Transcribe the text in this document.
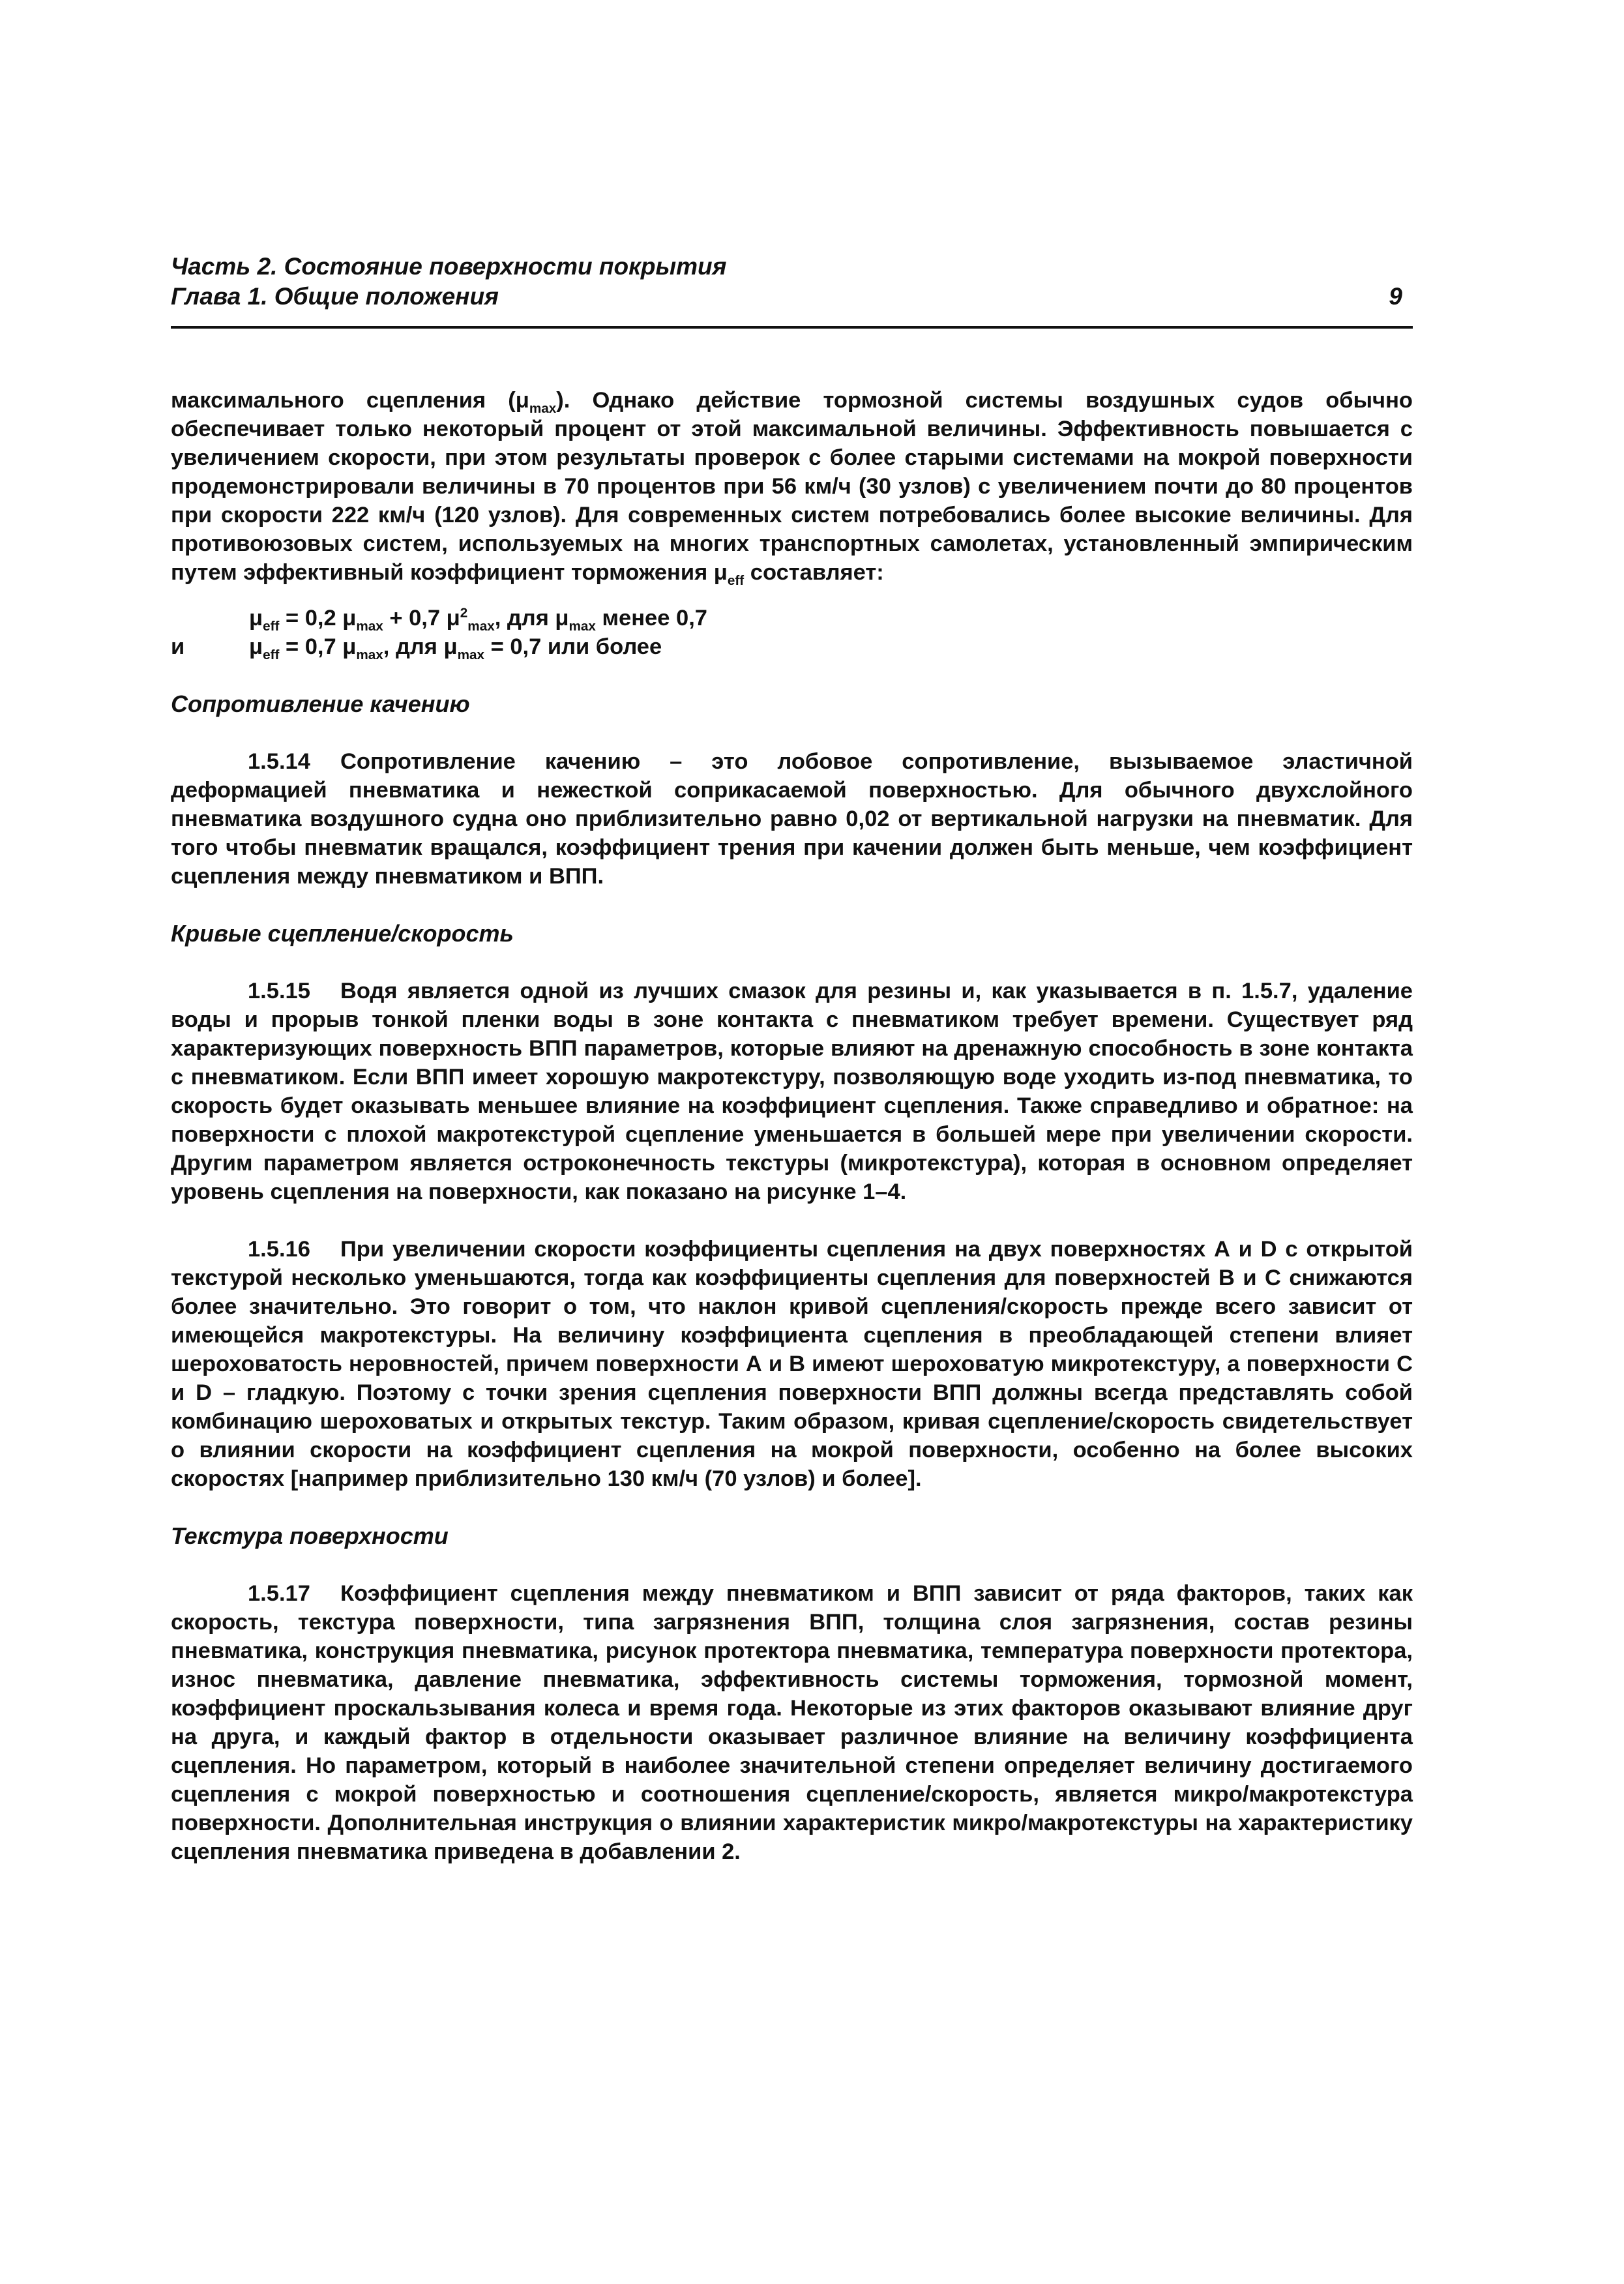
Часть 2. Состояние поверхности покрытия
Глава 1. Общие положения	9

максимального сцепления $(\mu_{max})$. Однако действие тормозной системы воздушных судов обычно обеспечивает только некоторый процент от этой максимальной величины. Эффективность повышается с увеличением скорости, при этом результаты проверок с более старыми системами на мокрой поверхности продемонстрировали величины в 70 процентов при 56 км/ч (30 узлов) с увеличением почти до 80 процентов при скорости 222 км/ч (120 узлов). Для современных систем потребовались более высокие величины. Для противоюзовых систем, используемых на многих транспортных самолетах, установленный эмпирическим путем эффективный коэффициент торможения $\mu_{eff}$ составляет:

$\mu_{eff} = 0,2$ $\mu_{max} + 0,7$ $\mu^2_{max}$, для $\mu_{max}$ менее 0,7
и	$\mu_{eff} = 0,7$ $\mu_{max}$, для $\mu_{max} = 0,7$ или более
Сопротивление качению

1.5.14 Сопротивление качению – это лобовое сопротивление, вызываемое эластичной деформацией пневматика и нежесткой соприкасаемой поверхностью. Для обычного двухслойного пневматика воздушного судна оно приблизительно равно 0,02 от вертикальной нагрузки на пневматик. Для того чтобы пневматик вращался, коэффициент трения при качении должен быть меньше, чем коэффициент сцепления между пневматиком и ВПП.

Кривые сцепление/скорость

1.5.15 Водя является одной из лучших смазок для резины и, как указывается в п. 1.5.7, удаление воды и прорыв тонкой пленки воды в зоне контакта с пневматиком требует времени. Существует ряд характеризующих поверхность ВПП параметров, которые влияют на дренажную способность в зоне контакта с пневматиком. Если ВПП имеет хорошую макротекстуру, позволяющую воде уходить из-под пневматика, то скорость будет оказывать меньшее влияние на коэффициент сцепления. Также справедливо и обратное: на поверхности с плохой макротекстурой сцепление уменьшается в большей мере при увеличении скорости. Другим параметром является остроконечность текстуры (микротекстура), которая в основном определяет уровень сцепления на поверхности, как показано на рисунке 1–4.

1.5.16 При увеличении скорости коэффициенты сцепления на двух поверхностях А и D с открытой текстурой несколько уменьшаются, тогда как коэффициенты сцепления для поверхностей В и С снижаются более значительно. Это говорит о том, что наклон кривой сцепления/скорость прежде всего зависит от имеющейся макротекстуры. На величину коэффициента сцепления в преобладающей степени влияет шероховатость неровностей, причем поверхности А и В имеют шероховатую микротекстуру, а поверхности С и D – гладкую. Поэтому с точки зрения сцепления поверхности ВПП должны всегда представлять собой комбинацию шероховатых и открытых текстур. Таким образом, кривая сцепление/скорость свидетельствует о влиянии скорости на коэффициент сцепления на мокрой поверхности, особенно на более высоких скоростях [например приблизительно 130 км/ч (70 узлов) и более].

Текстура поверхности

1.5.17 Коэффициент сцепления между пневматиком и ВПП зависит от ряда факторов, таких как скорость, текстура поверхности, типа загрязнения ВПП, толщина слоя загрязнения, состав резины пневматика, конструкция пневматика, рисунок протектора пневматика, температура поверхности протектора, износ пневматика, давление пневматика, эффективность системы торможения, тормозной момент, коэффициент проскальзывания колеса и время года. Некоторые из этих факторов оказывают влияние друг на друга, и каждый фактор в отдельности оказывает различное влияние на величину коэффициента сцепления. Но параметром, который в наиболее значительной степени определяет величину достигаемого сцепления с мокрой поверхностью и соотношения сцепление/скорость, является микро/макротекстура поверхности. Дополнительная инструкция о влиянии характеристик микро/макротекстуры на характеристику сцепления пневматика приведена в добавлении 2.
